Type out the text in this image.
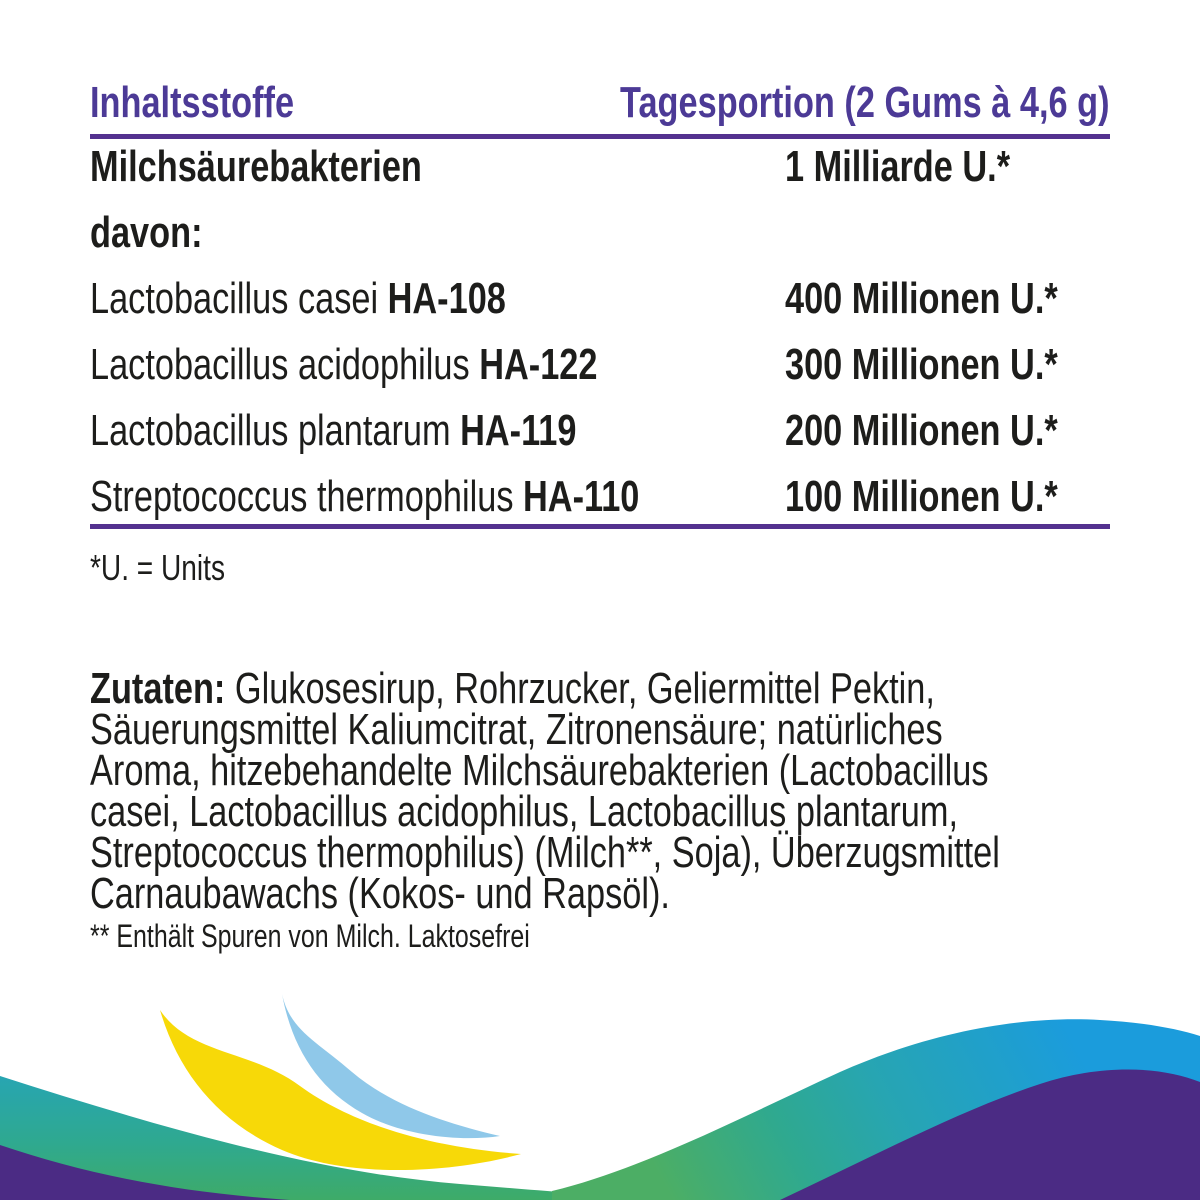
Inhaltsstoffe	Tagesportion (2 Gums à 4,6 g)
Milchsäurebakterien	1 Milliarde U.*
davon:
Lactobacillus casei HA-108	400 Millionen U.*
Lactobacillus acidophilus HA-122	300 Millionen U.*
Lactobacillus plantarum HA-119	200 Millionen U.*
Streptococcus thermophilus HA-110	100 Millionen U.*
*U. = Units
Zutaten: Glukosesirup, Rohrzucker, Geliermittel Pektin,
Säuerungsmittel Kaliumcitrat, Zitronensäure; natürliches
Aroma, hitzebehandelte Milchsäurebakterien (Lactobacillus
casei, Lactobacillus acidophilus, Lactobacillus plantarum,
Streptococcus thermophilus) (Milch**, Soja), Überzugsmittel
Carnaubawachs (Kokos- und Rapsöl).
** Enthält Spuren von Milch. Laktosefrei
